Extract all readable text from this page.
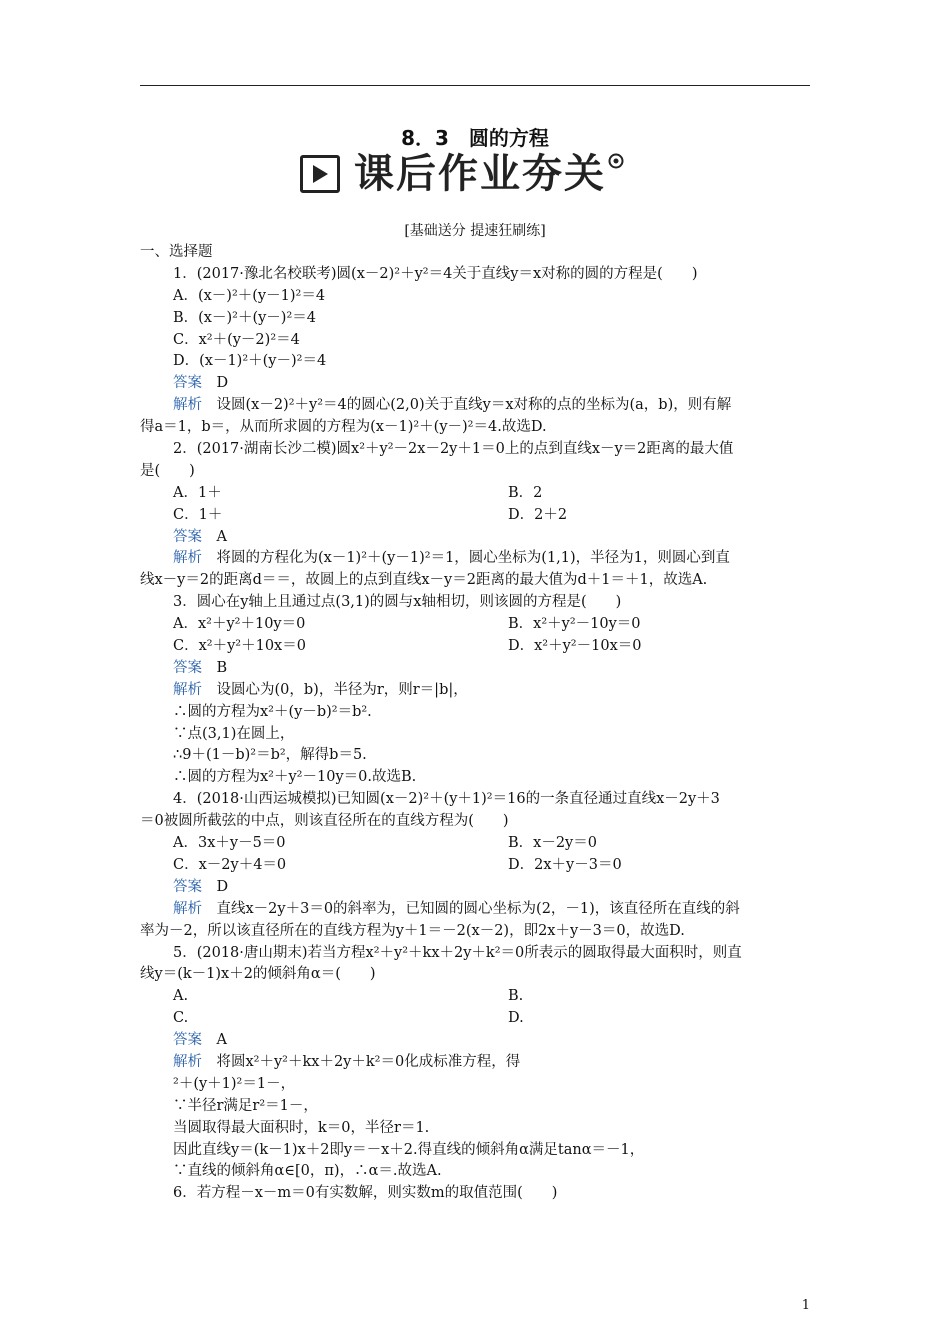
8．3　圆的方程
课后作业 夯关
[基础送分 提速狂刷练]
一、选择题
1．(2017·豫北名校联考)圆(x－2)²＋y²＝4关于直线y＝x对称的圆的方程是(　　)
A．(x－)²＋(y－1)²＝4
B．(x－)²＋(y－)²＝4
C．x²＋(y－2)²＝4
D．(x－1)²＋(y－)²＝4
答案　D
解析　设圆(x－2)²＋y²＝4的圆心(2,0)关于直线y＝x对称的点的坐标为(a，b)，则有解
得a＝1，b＝，从而所求圆的方程为(x－1)²＋(y－)²＝4.故选D.
2．(2017·湖南长沙二模)圆x²＋y²－2x－2y＋1＝0上的点到直线x－y＝2距离的最大值
是(　　)
A．1＋	B．2
C．1＋	D．2＋2
答案　A
解析　将圆的方程化为(x－1)²＋(y－1)²＝1，圆心坐标为(1,1)，半径为1，则圆心到直
线x－y＝2的距离d＝＝，故圆上的点到直线x－y＝2距离的最大值为d＋1＝＋1，故选A.
3．圆心在y轴上且通过点(3,1)的圆与x轴相切，则该圆的方程是(　　)
A．x²＋y²＋10y＝0	B．x²＋y²－10y＝0
C．x²＋y²＋10x＝0	D．x²＋y²－10x＝0
答案　B
解析　设圆心为(0，b)，半径为r，则r＝|b|，
∴圆的方程为x²＋(y－b)²＝b².
∵点(3,1)在圆上，
∴9＋(1－b)²＝b²，解得b＝5.
∴圆的方程为x²＋y²－10y＝0.故选B.
4．(2018·山西运城模拟)已知圆(x－2)²＋(y＋1)²＝16的一条直径通过直线x－2y＋3
＝0被圆所截弦的中点，则该直径所在的直线方程为(　　)
A．3x＋y－5＝0	B．x－2y＝0
C．x－2y＋4＝0	D．2x＋y－3＝0
答案　D
解析　直线x－2y＋3＝0的斜率为，已知圆的圆心坐标为(2，－1)，该直径所在直线的斜
率为－2，所以该直径所在的直线方程为y＋1＝－2(x－2)，即2x＋y－3＝0，故选D.
5．(2018·唐山期末)若当方程x²＋y²＋kx＋2y＋k²＝0所表示的圆取得最大面积时，则直
线y＝(k－1)x＋2的倾斜角α＝(　　)
A.	B.
C.	D.
答案　A
解析　将圆x²＋y²＋kx＋2y＋k²＝0化成标准方程，得
²＋(y＋1)²＝1－，
∵半径r满足r²＝1－，
当圆取得最大面积时，k＝0，半径r＝1.
因此直线y＝(k－1)x＋2即y＝－x＋2.得直线的倾斜角α满足tanα＝－1，
∵直线的倾斜角α∈[0，π)，∴α＝.故选A.
6．若方程－x－m＝0有实数解，则实数m的取值范围(　　)
1
